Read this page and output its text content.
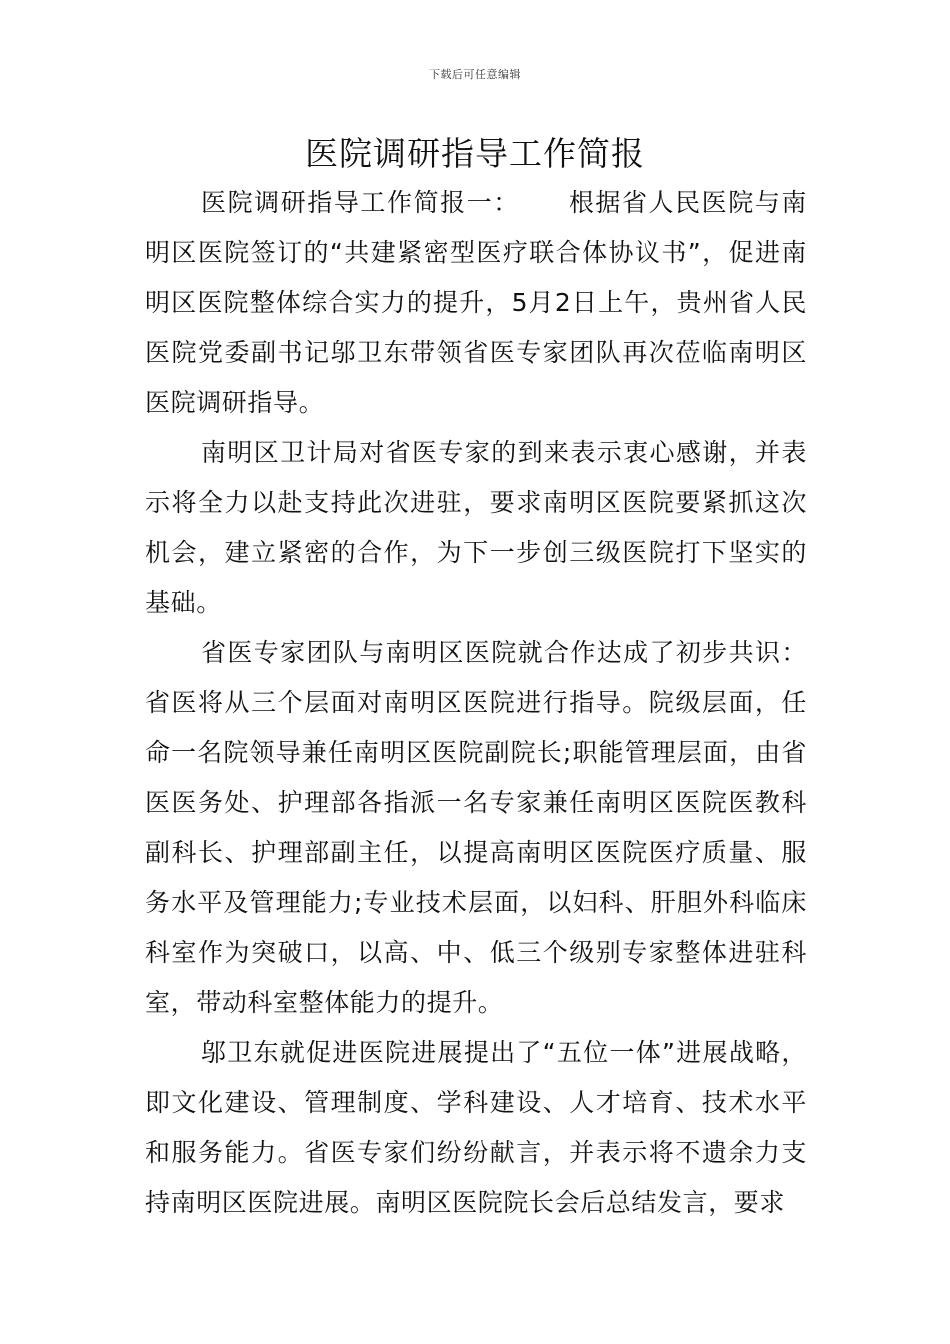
下载后可任意编辑
医院调研指导工作简报

医院调研指导工作简报一： 根据省人民医院与南明区医院签订的“共建紧密型医疗联合体协议书”，促进南明区医院整体综合实力的提升，5月2日上午，贵州省人民医院党委副书记邬卫东带领省医专家团队再次莅临南明区医院调研指导。

南明区卫计局对省医专家的到来表示衷心感谢，并表示将全力以赴支持此次进驻，要求南明区医院要紧抓这次机会，建立紧密的合作，为下一步创三级医院打下坚实的基础。

省医专家团队与南明区医院就合作达成了初步共识：省医将从三个层面对南明区医院进行指导。院级层面，任命一名院领导兼任南明区医院副院长;职能管理层面，由省医医务处、护理部各指派一名专家兼任南明区医院医教科副科长、护理部副主任，以提高南明区医院医疗质量、服务水平及管理能力;专业技术层面，以妇科、肝胆外科临床科室作为突破口，以高、中、低三个级别专家整体进驻科室，带动科室整体能力的提升。

邬卫东就促进医院进展提出了“五位一体”进展战略，即文化建设、管理制度、学科建设、人才培育、技术水平和服务能力。省医专家们纷纷献言，并表示将不遗余力支持南明区医院进展。南明区医院院长会后总结发言，要求
